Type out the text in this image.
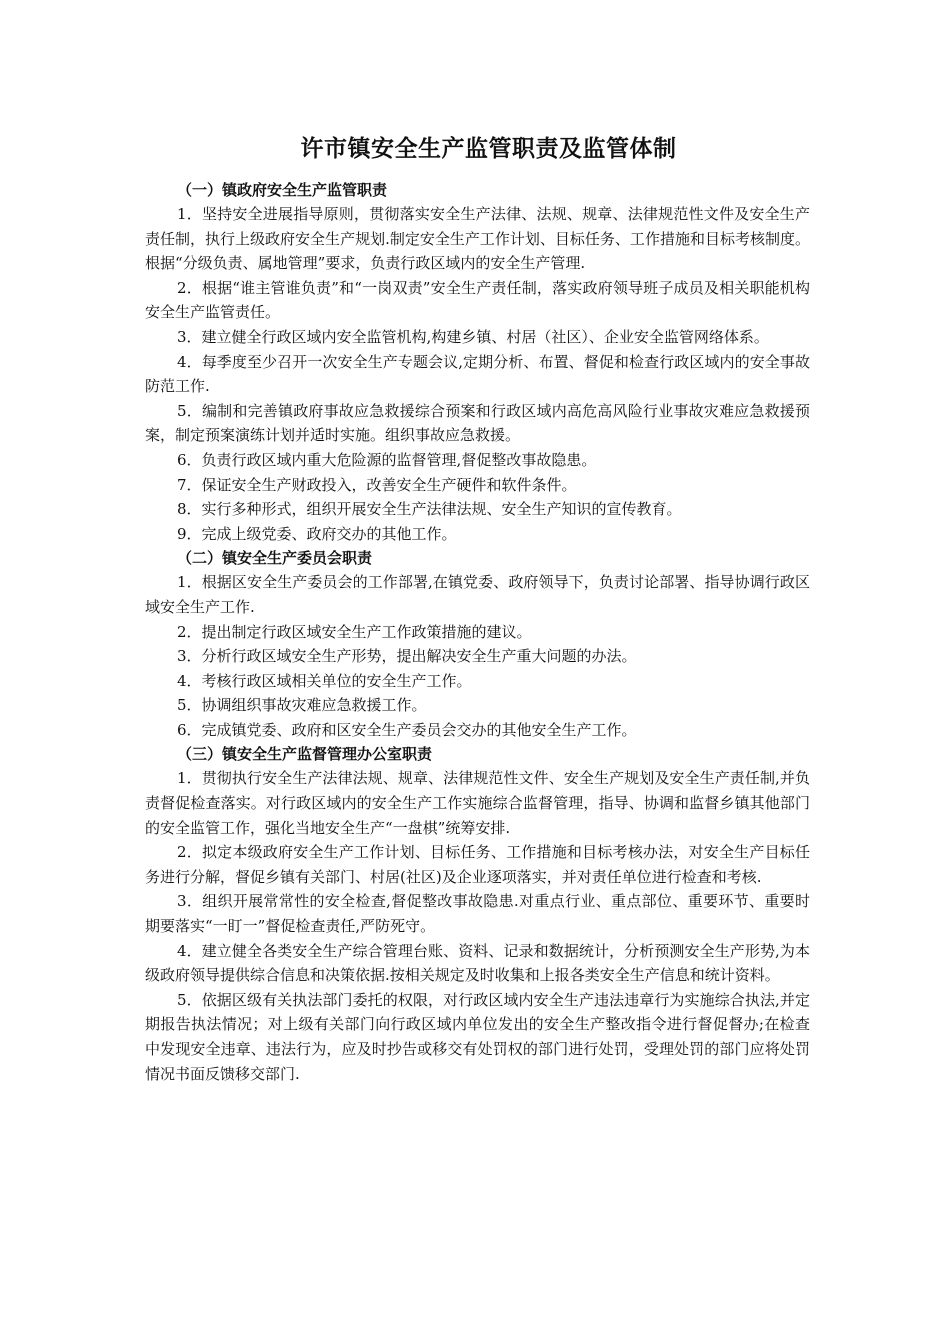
许市镇安全生产监管职责及监管体制

（一）镇政府安全生产监管职责

1．坚持安全进展指导原则，贯彻落实安全生产法律、法规、规章、法律规范性文件及安全生产责任制，执行上级政府安全生产规划.制定安全生产工作计划、目标任务、工作措施和目标考核制度。根据“分级负责、属地管理”要求，负责行政区域内的安全生产管理.

2．根据“谁主管谁负责”和“一岗双责”安全生产责任制，落实政府领导班子成员及相关职能机构安全生产监管责任。

3．建立健全行政区域内安全监管机构,构建乡镇、村居（社区）、企业安全监管网络体系。

4．每季度至少召开一次安全生产专题会议,定期分析、布置、督促和检查行政区域内的安全事故防范工作.

5．编制和完善镇政府事故应急救援综合预案和行政区域内高危高风险行业事故灾难应急救援预案，制定预案演练计划并适时实施。组织事故应急救援。

6．负责行政区域内重大危险源的监督管理,督促整改事故隐患。

7．保证安全生产财政投入，改善安全生产硬件和软件条件。

8．实行多种形式，组织开展安全生产法律法规、安全生产知识的宣传教育。

9．完成上级党委、政府交办的其他工作。

（二）镇安全生产委员会职责

1．根据区安全生产委员会的工作部署,在镇党委、政府领导下，负责讨论部署、指导协调行政区域安全生产工作.

2．提出制定行政区域安全生产工作政策措施的建议。

3．分析行政区域安全生产形势，提出解决安全生产重大问题的办法。

4．考核行政区域相关单位的安全生产工作。

5．协调组织事故灾难应急救援工作。

6．完成镇党委、政府和区安全生产委员会交办的其他安全生产工作。

（三）镇安全生产监督管理办公室职责

1．贯彻执行安全生产法律法规、规章、法律规范性文件、安全生产规划及安全生产责任制,并负责督促检查落实。对行政区域内的安全生产工作实施综合监督管理，指导、协调和监督乡镇其他部门的安全监管工作，强化当地安全生产“一盘棋”统筹安排.

2．拟定本级政府安全生产工作计划、目标任务、工作措施和目标考核办法，对安全生产目标任务进行分解，督促乡镇有关部门、村居(社区)及企业逐项落实，并对责任单位进行检查和考核.

3．组织开展常常性的安全检查,督促整改事故隐患.对重点行业、重点部位、重要环节、重要时期要落实“一盯一”督促检查责任,严防死守。

4．建立健全各类安全生产综合管理台账、资料、记录和数据统计，分析预测安全生产形势,为本级政府领导提供综合信息和决策依据.按相关规定及时收集和上报各类安全生产信息和统计资料。

5．依据区级有关执法部门委托的权限，对行政区域内安全生产违法违章行为实施综合执法,并定期报告执法情况；对上级有关部门向行政区域内单位发出的安全生产整改指令进行督促督办;在检查中发现安全违章、违法行为，应及时抄告或移交有处罚权的部门进行处罚，受理处罚的部门应将处罚情况书面反馈移交部门.
